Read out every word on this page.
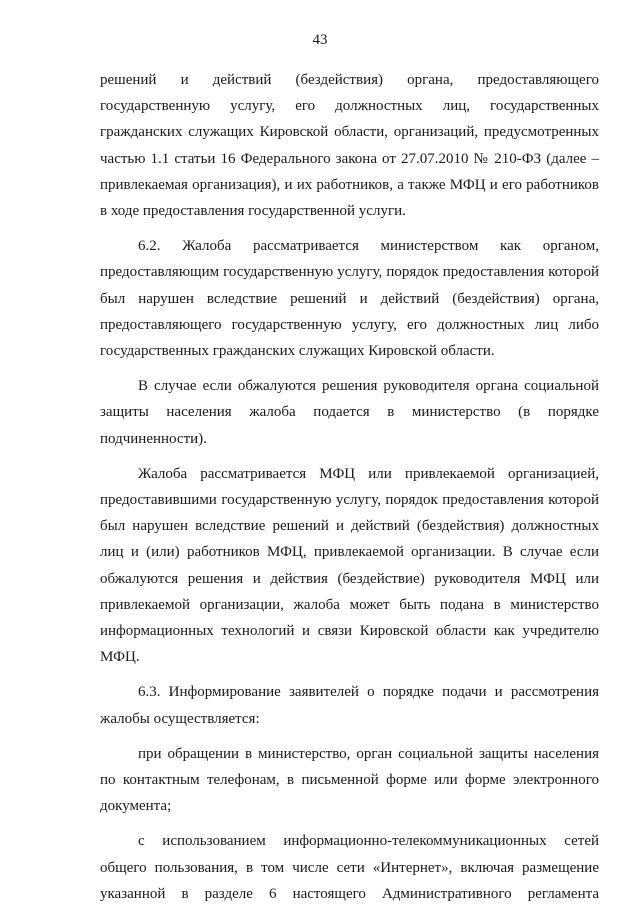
43

решений и действий (бездействия) органа, предоставляющего государственную услугу, его должностных лиц, государственных гражданских служащих Кировской области, организаций, предусмотренных частью 1.1 статьи 16 Федерального закона от 27.07.2010 № 210-ФЗ (далее – привлекаемая организация), и их работников, а также МФЦ и его работников в ходе предоставления государственной услуги.

6.2. Жалоба рассматривается министерством как органом, предоставляющим государственную услугу, порядок предоставления которой был нарушен вследствие решений и действий (бездействия) органа, предоставляющего государственную услугу, его должностных лиц либо государственных гражданских служащих Кировской области.

В случае если обжалуются решения руководителя органа социальной защиты населения жалоба подается в министерство (в порядке подчиненности).

Жалоба рассматривается МФЦ или привлекаемой организацией, предоставившими государственную услугу, порядок предоставления которой был нарушен вследствие решений и действий (бездействия) должностных лиц и (или) работников МФЦ, привлекаемой организации. В случае если обжалуются решения и действия (бездействие) руководителя МФЦ или привлекаемой организации, жалоба может быть подана в министерство информационных технологий и связи Кировской области как учредителю МФЦ.

6.3. Информирование заявителей о порядке подачи и рассмотрения жалобы осуществляется:

при обращении в министерство, орган социальной защиты населения по контактным телефонам, в письменной форме или форме электронного документа;

с использованием информационно-телекоммуникационных сетей общего пользования, в том числе сети «Интернет», включая размещение указанной в разделе 6 настоящего Административного регламента
